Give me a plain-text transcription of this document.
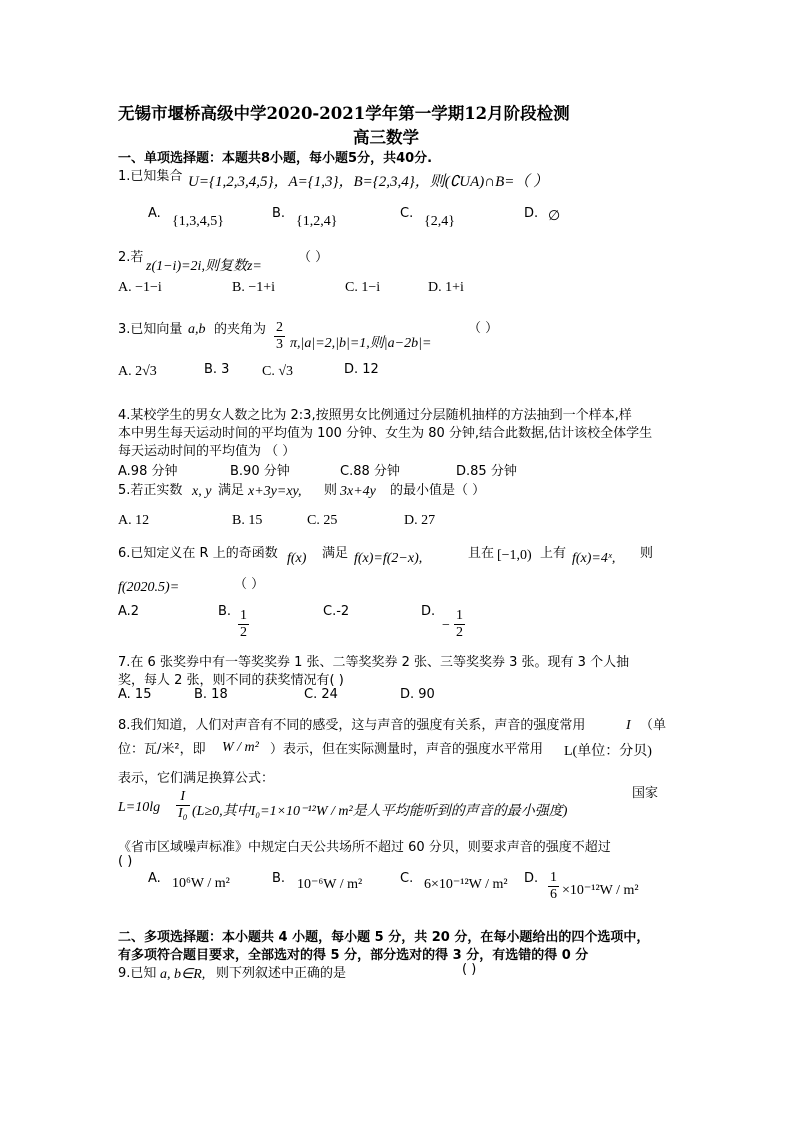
无锡市堰桥高级中学2020-2021学年第一学期12月阶段检测
高三数学
一、单项选择题：本题共8小题，每小题5分，共40分.
1.已知集合 U={1,2,3,4,5}，A={1,3}，B={2,3,4}，则(∁UA)∩B=（ ）
A.
{1,3,4,5}
B.
{1,2,4}
C.
{2,4}
D. ∅
2.若
z(1−i)=2i,则复数z=
（ ）
A. −1−i	B. −1+i	C. 1−i	D. 1+i
3.已知向量 a,b 的夹角为 $\frac{2}{3} \pi,|a|=2,|b|=1$,则|a−2b|=
（ ）
A. 2√3	B. 3 C. √3	D. 12
4.某校学生的男女人数之比为 2:3,按照男女比例通过分层随机抽样的方法抽到一个样本,样
本中男生每天运动时间的平均值为 100 分钟、女生为 80 分钟,结合此数据,估计该校全体学生
每天运动时间的平均值为 （ ）
A.98 分钟	B.90 分钟	C.88 分钟	D.85 分钟
5.若正实数 x, y 满足 x+3y=xy, 则 3x+4y 的最小值是（ ）
A. 12	B. 15	C. 25	D. 27
6.已知定义在 R 上的奇函数 f(x) 满足 f(x)=f(2−x),	且在 [−1,0) 上有 f(x)=4ˣ, 则
f(2020.5)=	（ ）
A.2	B. $\frac{1}{2}$	C.-2	D.
− $\frac{1}{2}$
7.在 6 张奖券中有一等奖奖券 1 张、二等奖奖券 2 张、三等奖奖券 3 张。现有 3 个人抽
奖，每人 2 张，则不同的获奖情况有( )
A. 15	B. 18	C. 24	D. 90
8.我们知道，人们对声音有不同的感受，这与声音的强度有关系，声音的强度常用	I （单
位：瓦/米²，即 W / m² ）表示，但在实际测量时，声音的强度水平常用 L(单位：分贝)
表示，它们满足换算公式：
$L=10\lg \frac{I}{\text{I₀}} (L\ge 0$,其中I₀=1×10⁻¹²W / m²是人平均能听到的声音的最小强度)
国家
《省市区域噪声标准》中规定白天公共场所不超过 60 分贝，则要求声音的强度不超过
( )
A. 10⁶W / m²	B. 10⁻⁶W / m²	C. 6×10⁻¹²W / m² D. $\frac{1}{6} \times 10^{-12}W / m^2$
二、多项选择题：本小题共 4 小题，每小题 5 分，共 20 分，在每小题给出的四个选项中，
有多项符合题目要求，全部选对的得 5 分，部分选对的得 3 分，有选错的得 0 分
9.已知 a, b∈R, 则下列叙述中正确的是	( )
